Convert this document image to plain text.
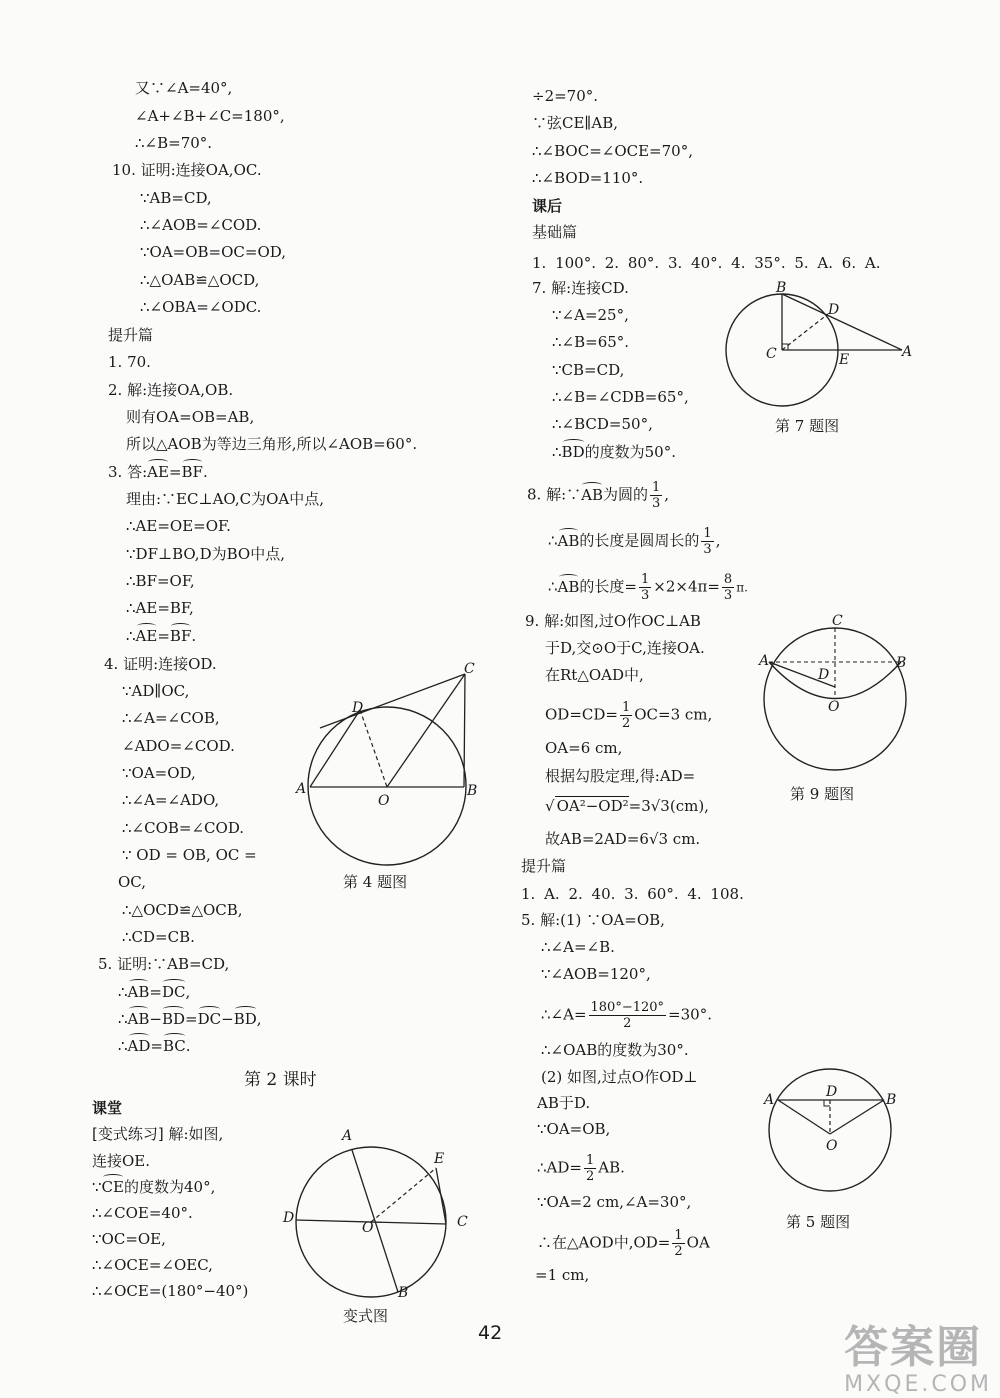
又∵∠A=40°,
∠A+∠B+∠C=180°,
∴∠B=70°.
10. 证明:连接OA,OC.
∵AB=CD,
∴∠AOB=∠COD.
∵OA=OB=OC=OD,
∴△OAB≌△OCD,
∴∠OBA=∠ODC.
提升篇
1. 70.
2. 解:连接OA,OB.
则有OA=OB=AB,
所以△AOB为等边三角形,所以∠AOB=60°.
3. 答:AE=BF.
理由:∵EC⊥AO,C为OA中点,
∴AE=OE=OF.
∵DF⊥BO,D为BO中点,
∴BF=OF,
∴AE=BF,
∴AE=BF.
4. 证明:连接OD.
∵AD∥OC,
∴∠A=∠COB,
∠ADO=∠COD.
∵OA=OD,
∴∠A=∠ADO,
∴∠COB=∠COD.
∵ OD = OB, OC =
OC,
∴△OCD≌△OCB,
∴CD=CB.
5. 证明:∵AB=CD,
∴AB=DC,
∴AB−BD=DC−BD,
∴AD=BC.
第 2 课时
课堂
[变式练习] 解:如图,
连接OE.
∵CE的度数为40°,
∴∠COE=40°.
∵OC=OE,
∴∠OCE=∠OEC,
∴∠OCE=(180°−40°)
A	B
C
D
O
第 4 题图
A
B
C
D
E
O
变式图
÷2=70°.
∵弦CE∥AB,
∴∠BOC=∠OCE=70°,
∴∠BOD=110°.
课后
基础篇
1. 100°. 2. 80°. 3. 40°. 4. 35°. 5. A. 6. A.
7. 解:连接CD.
∵∠A=25°,
∴∠B=65°.
∵CB=CD,
∴∠B=∠CDB=65°,
∴∠BCD=50°,
∴BD的度数为50°.
8. 解:∵AB为圆的 $\frac{1}{3}$ ,
∴AB的长度是圆周长的 $\frac{1}{3}$ ,
∴AB的长度= $\frac{1}{3} \times 2\times 4\pi= \frac{8}{3} \pi$.
9. 解:如图,过O作OC⊥AB
于D,交⊙O于C,连接OA.
在Rt△OAD中,
$OD=CD= \frac{1}{2} OC=3$ cm,
OA=6 cm,
根据勾股定理,得:AD=
√ OA²−OD²=3√3(cm),
故AB=2AD=6√3 cm.
提升篇
1. A. 2. 40. 3. 60°. 4. 108.
5. 解:(1) ∵OA=OB,
∴∠A=∠B.
∵∠AOB=120°,
∴∠A= $\frac{180^\circ-120^\circ}{2} =30^\circ$.
∴∠OAB的度数为30°.
(2) 如图,过点O作OD⊥
AB于D.
∵OA=OB,
∴AD= $\frac{1}{2}$ AB.
∵OA=2 cm,∠A=30°,
∴在△AOD中$,OD= \frac{1}{2}$ OA
=1 cm,
A
B
C
D
E
第 7 题图
A	B
C
D
O
第 9 题图
A	B
D
O
第 5 题图
42	答案圈
MXQE.COM
